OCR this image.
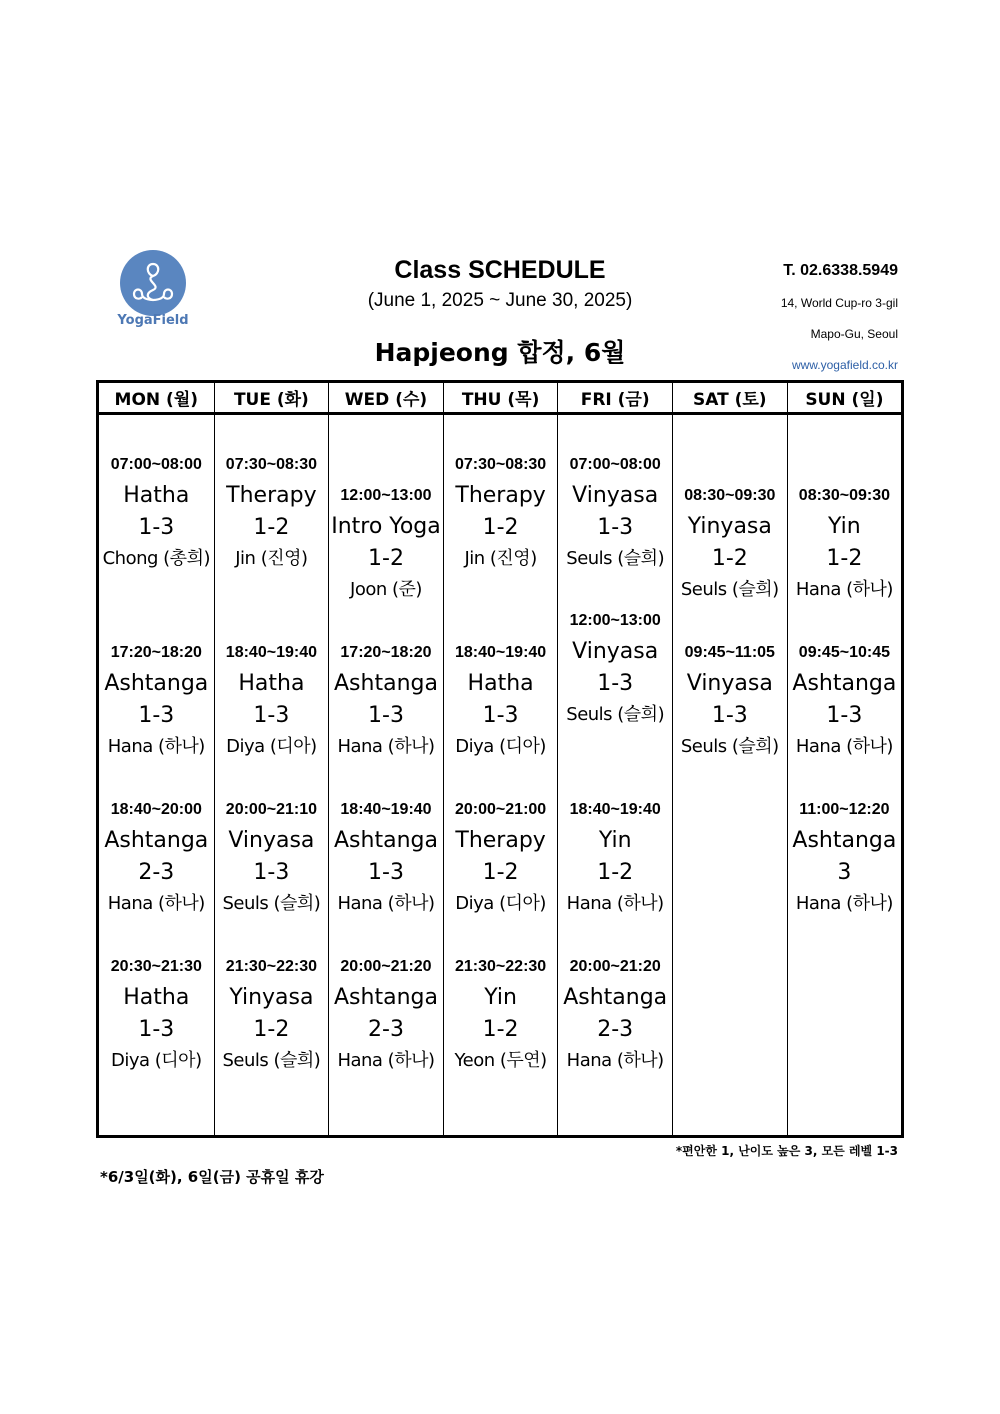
YogaField
Class SCHEDULE
(June 1, 2025 ~ June 30, 2025)
Hapjeong 합정, 6월
T. 02.6338.5949
14, World Cup-ro 3-gil
Mapo-Gu, Seoul
www.yogafield.co.kr
MON (월)
07:00~08:00
Hatha
1-3
Chong (총희)
17:20~18:20
Ashtanga
1-3
Hana (하나)
18:40~20:00
Ashtanga
2-3
Hana (하나)
20:30~21:30
Hatha
1-3
Diya (디아)
TUE (화)
07:30~08:30
Therapy
1-2
Jin (진영)
18:40~19:40
Hatha
1-3
Diya (디아)
20:00~21:10
Vinyasa
1-3
Seuls (슬희)
21:30~22:30
Yinyasa
1-2
Seuls (슬희)
WED (수)
12:00~13:00
Intro Yoga
1-2
Joon (준)
17:20~18:20
Ashtanga
1-3
Hana (하나)
18:40~19:40
Ashtanga
1-3
Hana (하나)
20:00~21:20
Ashtanga
2-3
Hana (하나)
THU (목)
07:30~08:30
Therapy
1-2
Jin (진영)
18:40~19:40
Hatha
1-3
Diya (디아)
20:00~21:00
Therapy
1-2
Diya (디아)
21:30~22:30
Yin
1-2
Yeon (두연)
FRI (금)
07:00~08:00
Vinyasa
1-3
Seuls (슬희)
12:00~13:00
Vinyasa
1-3
Seuls (슬희)
18:40~19:40
Yin
1-2
Hana (하나)
20:00~21:20
Ashtanga
2-3
Hana (하나)
SAT (토)
08:30~09:30
Yinyasa
1-2
Seuls (슬희)
09:45~11:05
Vinyasa
1-3
Seuls (슬희)
SUN (일)
08:30~09:30
Yin
1-2
Hana (하나)
09:45~10:45
Ashtanga
1-3
Hana (하나)
11:00~12:20
Ashtanga
3
Hana (하나)
*편안한 1, 난이도 높은 3, 모든 레벨 1-3
*6/3일(화), 6일(금) 공휴일 휴강
